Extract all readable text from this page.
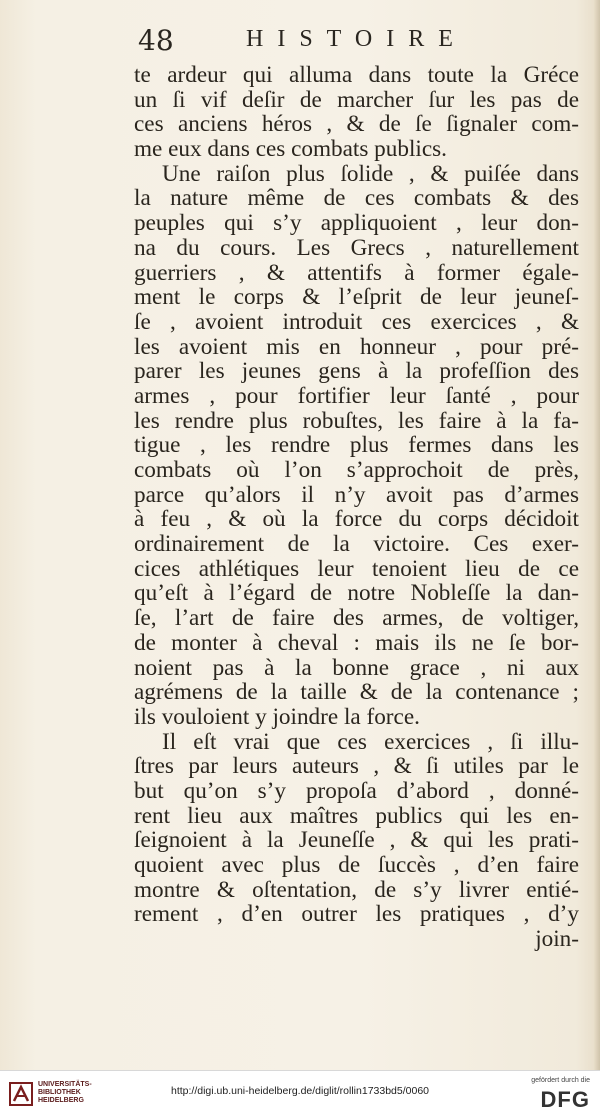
48	HISTOIRE
te ardeur qui alluma dans toute la Gréce
un ſi vif deſir de marcher ſur les pas de
ces anciens héros , & de ſe ſignaler com-
me eux dans ces combats publics.
Une raiſon plus ſolide , & puiſée dans
la nature même de ces combats & des
peuples qui s’y appliquoient , leur don-
na du cours. Les Grecs , naturellement
guerriers , & attentifs à former égale-
ment le corps & l’eſprit de leur jeuneſ-
ſe , avoient introduit ces exercices , &
les avoient mis en honneur , pour pré-
parer les jeunes gens à la profeſſion des
armes , pour fortifier leur ſanté , pour
les rendre plus robuſtes, les faire à la fa-
tigue , les rendre plus fermes dans les
combats où l’on s’approchoit de près,
parce qu’alors il n’y avoit pas d’armes
à feu , & où la force du corps décidoit
ordinairement de la victoire. Ces exer-
cices athlétiques leur tenoient lieu de ce
qu’eſt à l’égard de notre Nobleſſe la dan-
ſe, l’art de faire des armes, de voltiger,
de monter à cheval : mais ils ne ſe bor-
noient pas à la bonne grace , ni aux
agrémens de la taille & de la contenance ;
ils vouloient y joindre la force.
Il eſt vrai que ces exercices , ſi illu-
ſtres par leurs auteurs , & ſi utiles par le
but qu’on s’y propoſa d’abord , donné-
rent lieu aux maîtres publics qui les en-
ſeignoient à la Jeuneſſe , & qui les prati-
quoient avec plus de ſuccès , d’en faire
montre & oſtentation, de s’y livrer entié-
rement , d’en outrer les pratiques , d’y
join-
UNIVERSITÄTS-
BIBLIOTHEK
HEIDELBERG
http://digi.ub.uni-heidelberg.de/diglit/rollin1733bd5/0060
gefördert durch die
DFG
